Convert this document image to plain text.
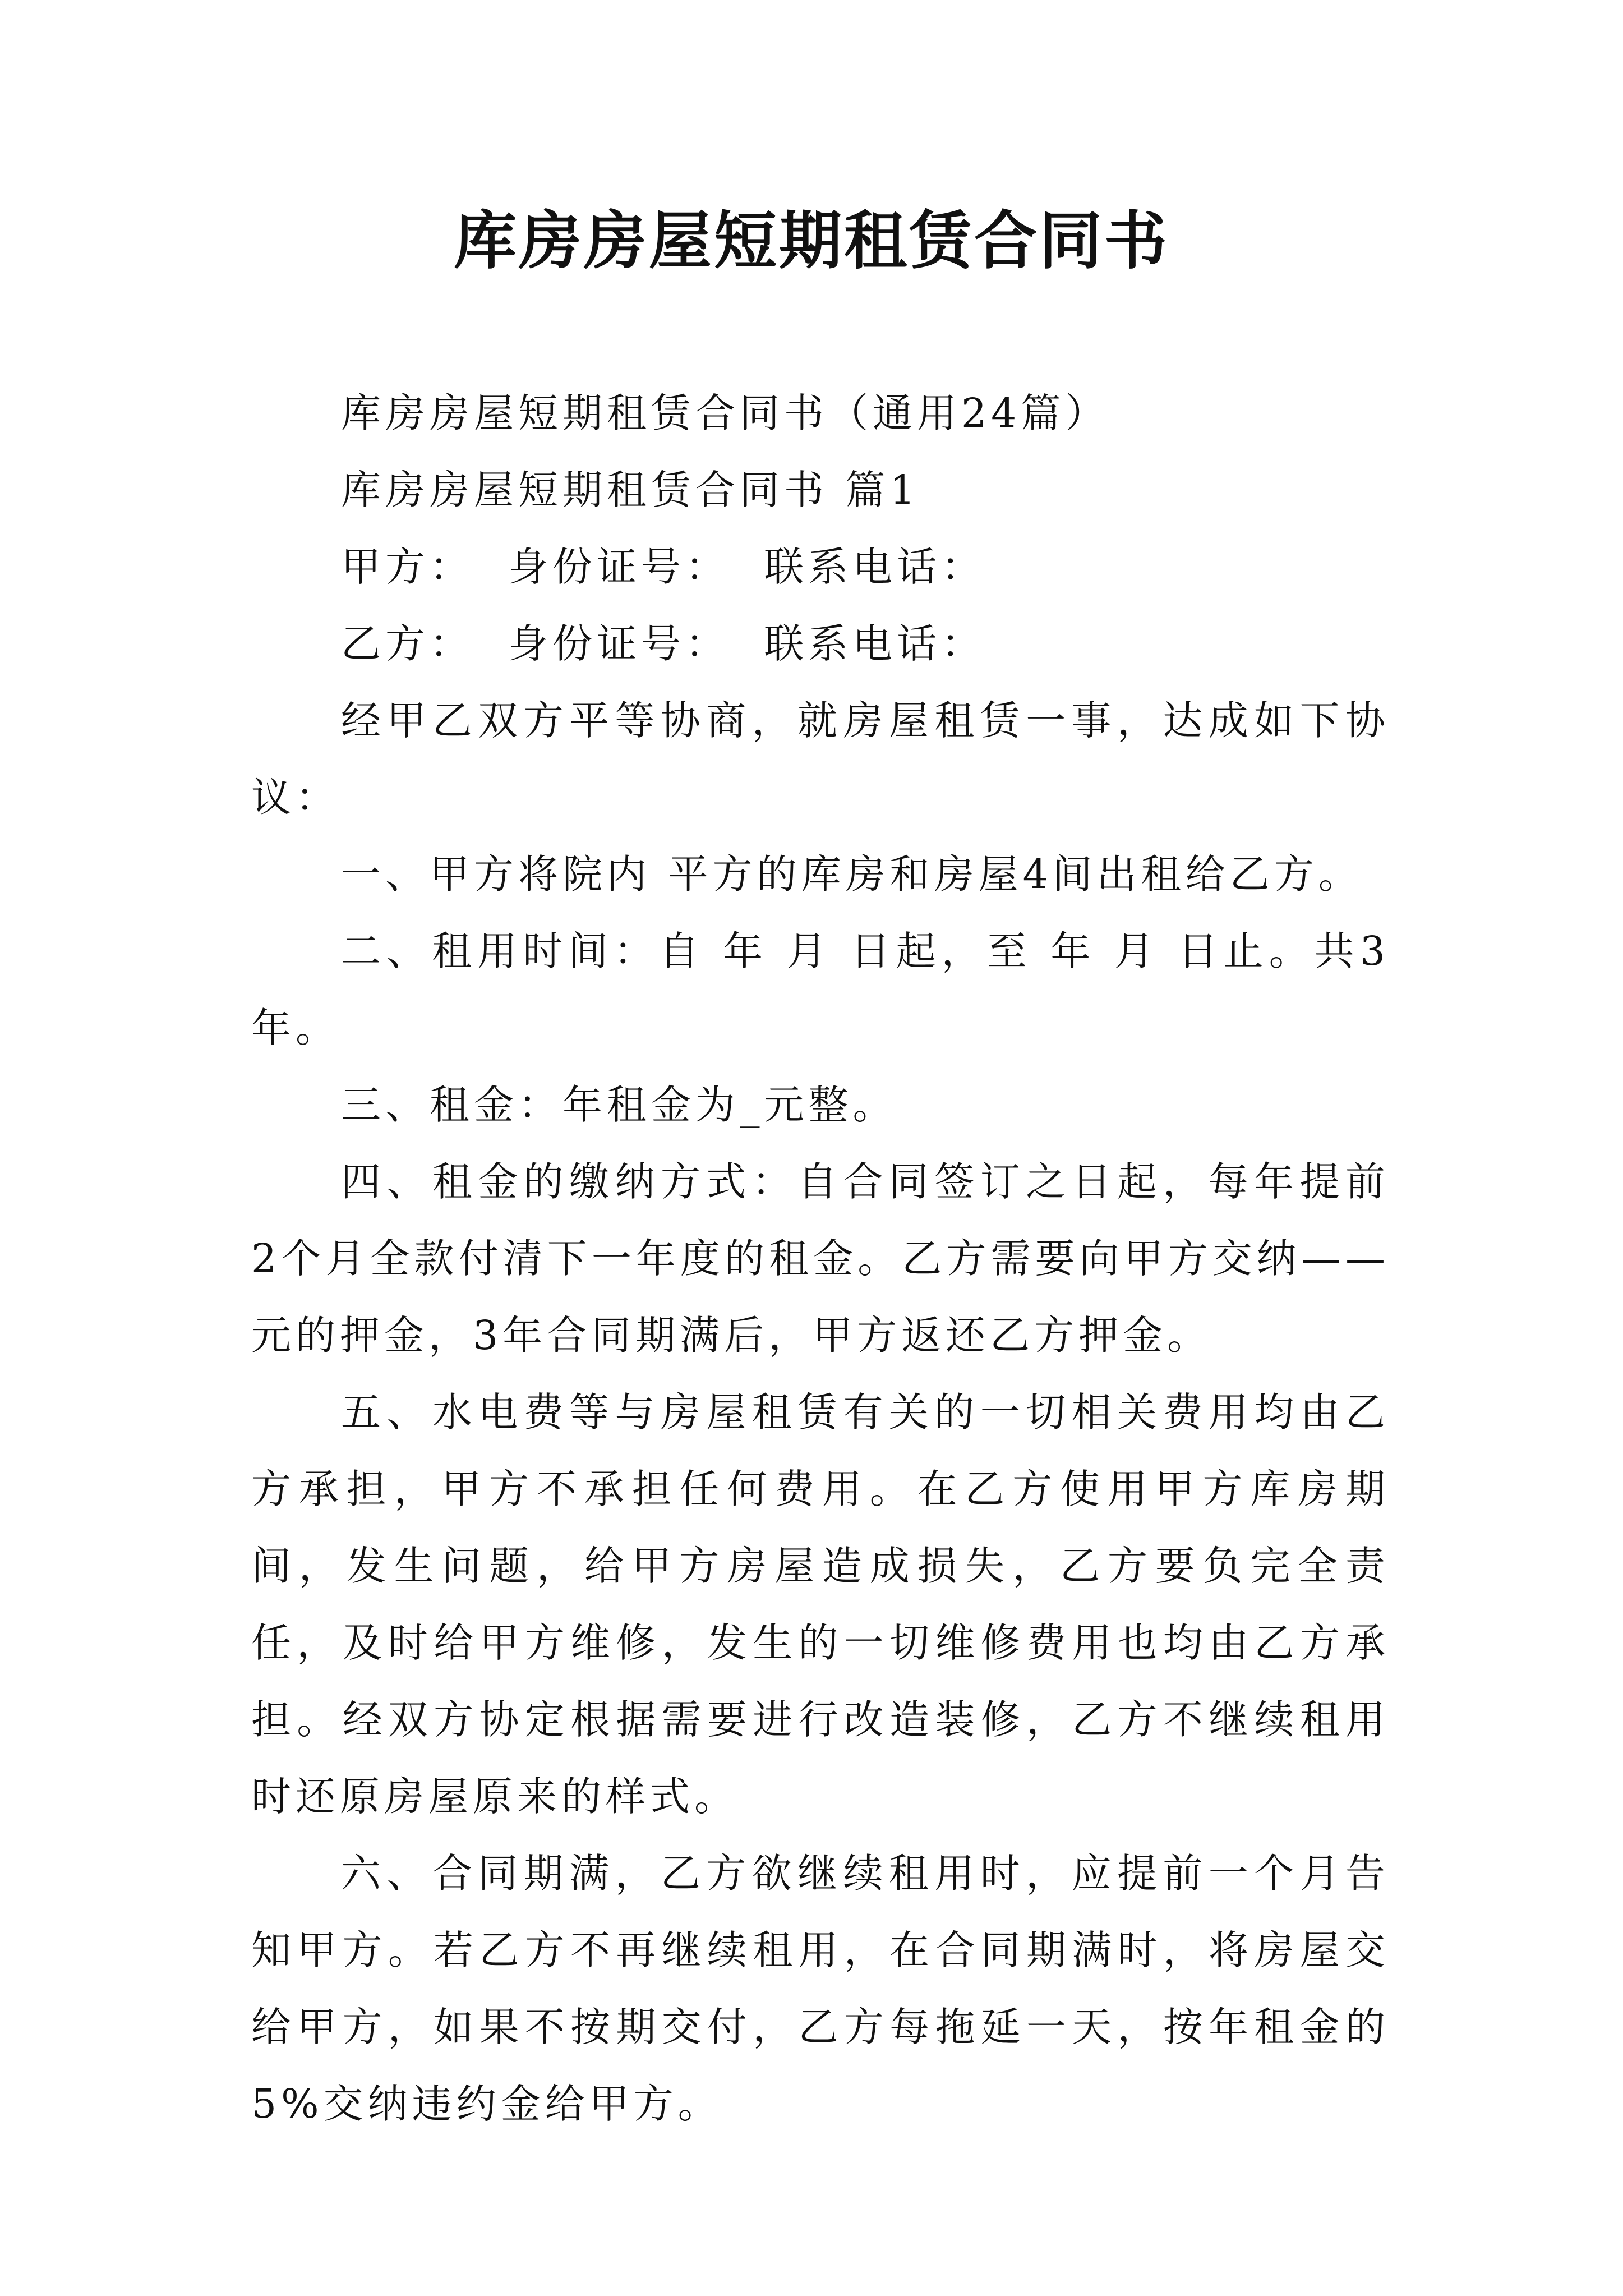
库房房屋短期租赁合同书

库房房屋短期租赁合同书（通用24篇）

库房房屋短期租赁合同书 篇1

甲方：  身份证号：  联系电话：

乙方：  身份证号：  联系电话：

经甲乙双方平等协商，就房屋租赁一事，达成如下协议：

一、甲方将院内 平方的库房和房屋4间出租给乙方。

二、租用时间：自 年 月 日起，至 年 月 日止。共3年。

三、租金：年租金为_元整。

四、租金的缴纳方式：自合同签订之日起，每年提前2个月全款付清下一年度的租金。乙方需要向甲方交纳——元的押金，3年合同期满后，甲方返还乙方押金。

五、水电费等与房屋租赁有关的一切相关费用均由乙方承担，甲方不承担任何费用。在乙方使用甲方库房期间，发生问题，给甲方房屋造成损失，乙方要负完全责任，及时给甲方维修，发生的一切维修费用也均由乙方承担。经双方协定根据需要进行改造装修，乙方不继续租用时还原房屋原来的样式。

六、合同期满，乙方欲继续租用时，应提前一个月告知甲方。若乙方不再继续租用，在合同期满时，将房屋交给甲方，如果不按期交付，乙方每拖延一天，按年租金的5%交纳违约金给甲方。
